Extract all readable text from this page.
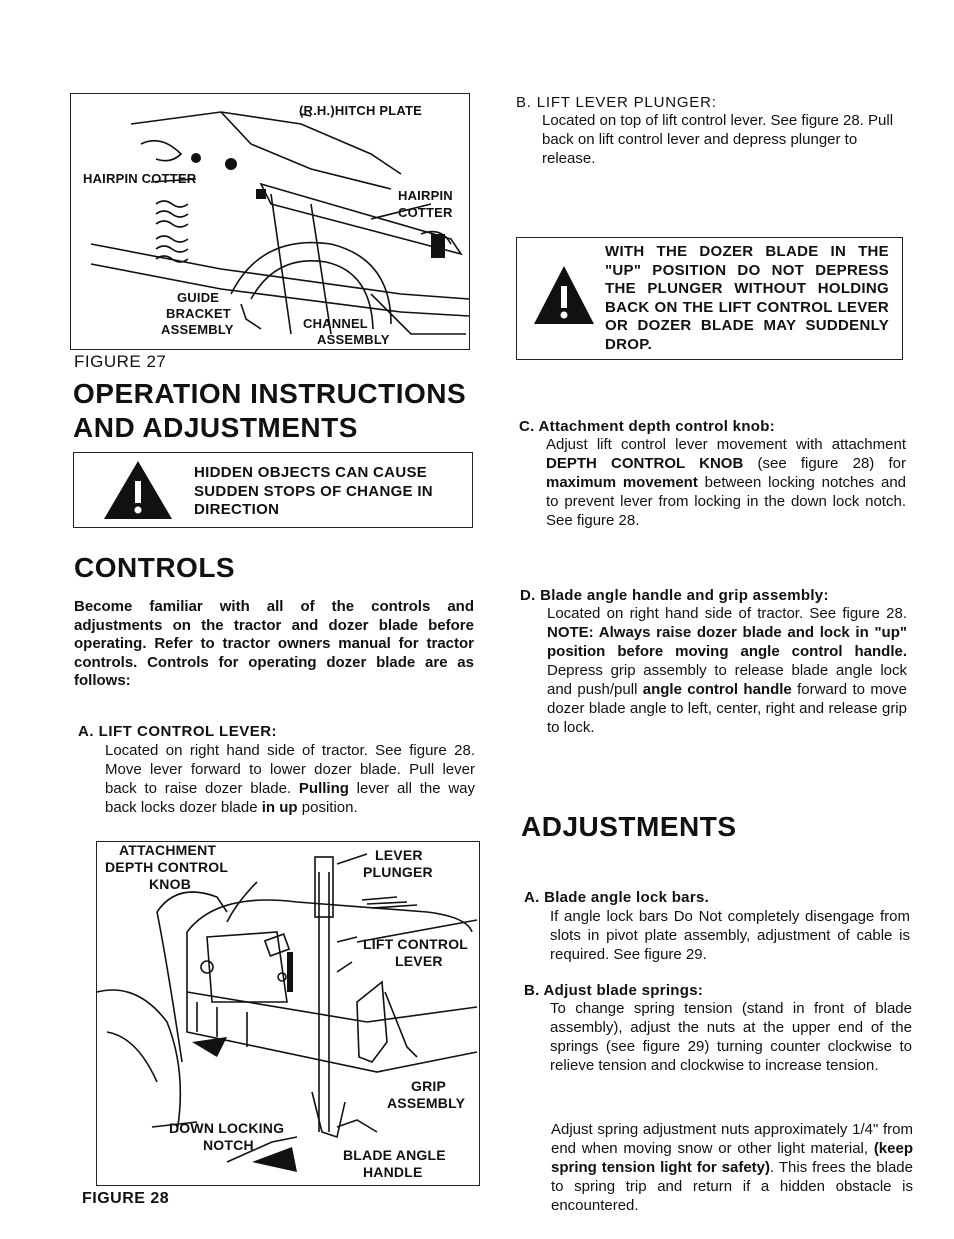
(R.H.)HITCH PLATE
HAIRPIN COTTER
HAIRPIN
COTTER
GUIDE
BRACKET
ASSEMBLY	CHANNEL
ASSEMBLY
FIGURE 27
OPERATION INSTRUCTIONS
AND ADJUSTMENTS
HIDDEN OBJECTS CAN CAUSE SUDDEN STOPS OF CHANGE IN DIRECTION
CONTROLS
Become familiar with all of the controls and adjustments on the tractor and dozer blade before operating. Refer to tractor owners manual for tractor controls. Controls for operating dozer blade are as follows:
A. LIFT CONTROL LEVER:
Located on right hand side of tractor. See figure 28. Move lever forward to lower dozer blade. Pull lever back to raise dozer blade. Pulling lever all the way back locks dozer blade in up position.
ATTACHMENT
DEPTH CONTROL
KNOB
LEVER
PLUNGER
LIFT CONTROL
LEVER
GRIP
ASSEMBLY
DOWN LOCKING
NOTCH
BLADE ANGLE
HANDLE
FIGURE 28
B. LIFT LEVER PLUNGER:
Located on top of lift control lever. See figure 28. Pull back on lift control lever and depress plunger to release.
WITH THE DOZER BLADE IN THE "UP" POSITION DO NOT DEPRESS THE PLUNGER WITHOUT HOLDING BACK ON THE LIFT CONTROL LEVER OR DOZER BLADE MAY SUDDENLY DROP.
C. Attachment depth control knob:
Adjust lift control lever movement with attachment DEPTH CONTROL KNOB (see figure 28) for maximum movement between locking notches and to prevent lever from locking in the down lock notch. See figure 28.
D. Blade angle handle and grip assembly:
Located on right hand side of tractor. See figure 28. NOTE: Always raise dozer blade and lock in "up" position before moving angle control handle. Depress grip assembly to release blade angle lock and push/pull angle control handle forward to move dozer blade angle to left, center, right and release grip to lock.
ADJUSTMENTS
A. Blade angle lock bars.
If angle lock bars Do Not completely disengage from slots in pivot plate assembly, adjustment of cable is required. See figure 29.
B. Adjust blade springs:
To change spring tension (stand in front of blade assembly), adjust the nuts at the upper end of the springs (see figure 29) turning counter clockwise to relieve tension and clockwise to increase tension.
Adjust spring adjustment nuts approximately 1/4" from end when moving snow or other light material, (keep spring tension light for safety). This frees the blade to spring trip and return if a hidden obstacle is encountered.
